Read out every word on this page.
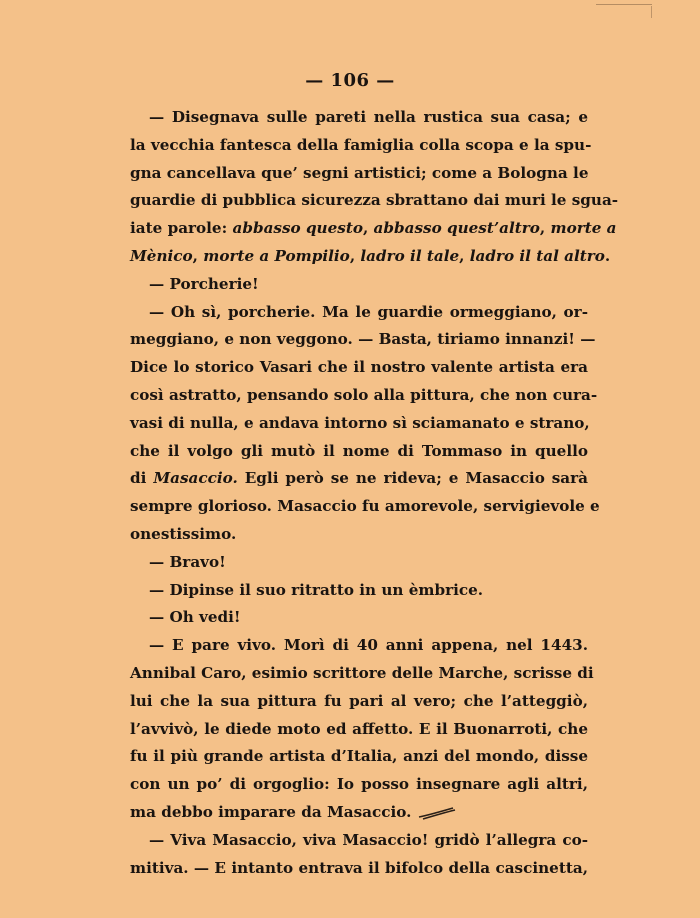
— 106 —
— Disegnava sulle pareti nella rustica sua casa; e
la vecchia fantesca della famiglia colla scopa e la spu-
gna cancellava que’ segni artistici; come a Bologna le
guardie di pubblica sicurezza sbrattano dai muri le sgua-
iate parole: abbasso questo, abbasso quest’altro, morte a
Mènico, morte a Pompilio, ladro il tale, ladro il tal altro.
— Porcherie!
— Oh sì, porcherie. Ma le guardie ormeggiano, or-
meggiano, e non veggono. — Basta, tiriamo innanzi! —
Dice lo storico Vasari che il nostro valente artista era
così astratto, pensando solo alla pittura, che non cura-
vasi di nulla, e andava intorno sì sciamanato e strano,
che il volgo gli mutò il nome di Tommaso in quello
di Masaccio. Egli però se ne rideva; e Masaccio sarà
sempre glorioso. Masaccio fu amorevole, servigievole e
onestissimo.
— Bravo!
— Dipinse il suo ritratto in un èmbrice.
— Oh vedi!
— E pare vivo. Morì di 40 anni appena, nel 1443.
Annibal Caro, esimio scrittore delle Marche, scrisse di
lui che la sua pittura fu pari al vero; che l’atteggiò,
l’avvivò, le diede moto ed affetto. E il Buonarroti, che
fu il più grande artista d’Italia, anzi del mondo, disse
con un po’ di orgoglio: Io posso insegnare agli altri,
ma debbo imparare da Masaccio.
— Viva Masaccio, viva Masaccio! gridò l’allegra co-
mitiva. — E intanto entrava il bifolco della cascinetta,
